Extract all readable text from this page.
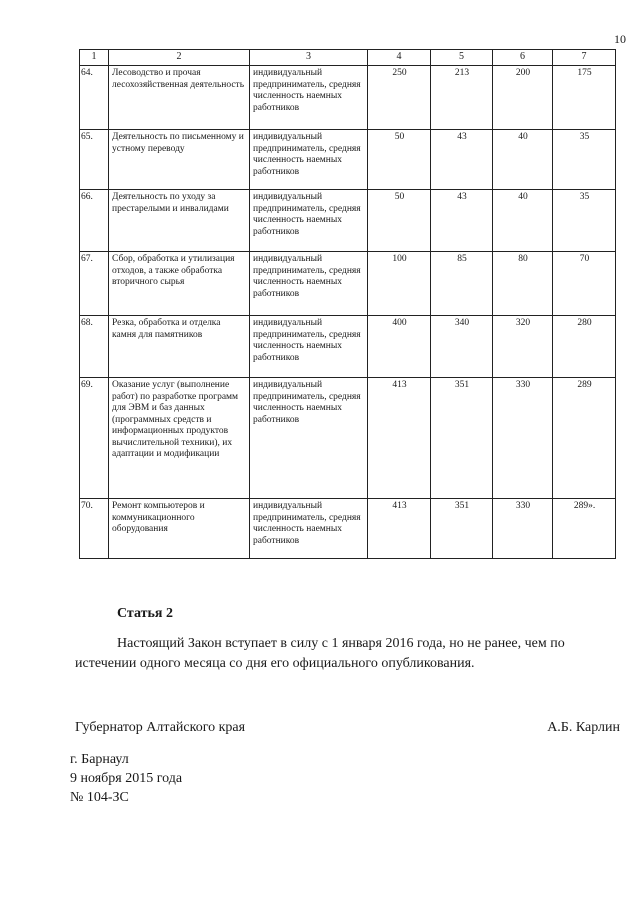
10
1	2	3	4	5	6	7
64.	Лесоводство и прочая лесохозяйственная деятельность	индивидуальный предприниматель, средняя численность наемных работников	250	213	200	175
65.	Деятельность по письменному и устному переводу	индивидуальный предприниматель, средняя численность наемных работников	50	43	40	35
66.	Деятельность по уходу за престарелыми и инвалидами	индивидуальный предприниматель, средняя численность наемных работников	50	43	40	35
67.	Сбор, обработка и утилизация отходов, а также обработка вторичного сырья	индивидуальный предприниматель, средняя численность наемных работников	100	85	80	70
68.	Резка, обработка и отделка камня для памятников	индивидуальный предприниматель, средняя численность наемных работников	400	340	320	280
69.	Оказание услуг (выполнение работ) по разработке программ для ЭВМ и баз данных (программных средств и информационных продуктов вычислительной техники), их адаптации и модификации	индивидуальный предприниматель, средняя численность наемных работников	413	351	330	289
70.	Ремонт компьютеров и коммуникационного оборудования	индивидуальный предприниматель, средняя численность наемных работников	413	351	330	289».
Статья 2

Настоящий Закон вступает в силу с 1 января 2016 года, но не ранее, чем по
истечении одного месяца со дня его официального опубликования.

Губернатор Алтайского края	А.Б. Карлин
г. Барнаул
9 ноября 2015 года
№ 104-ЗС
